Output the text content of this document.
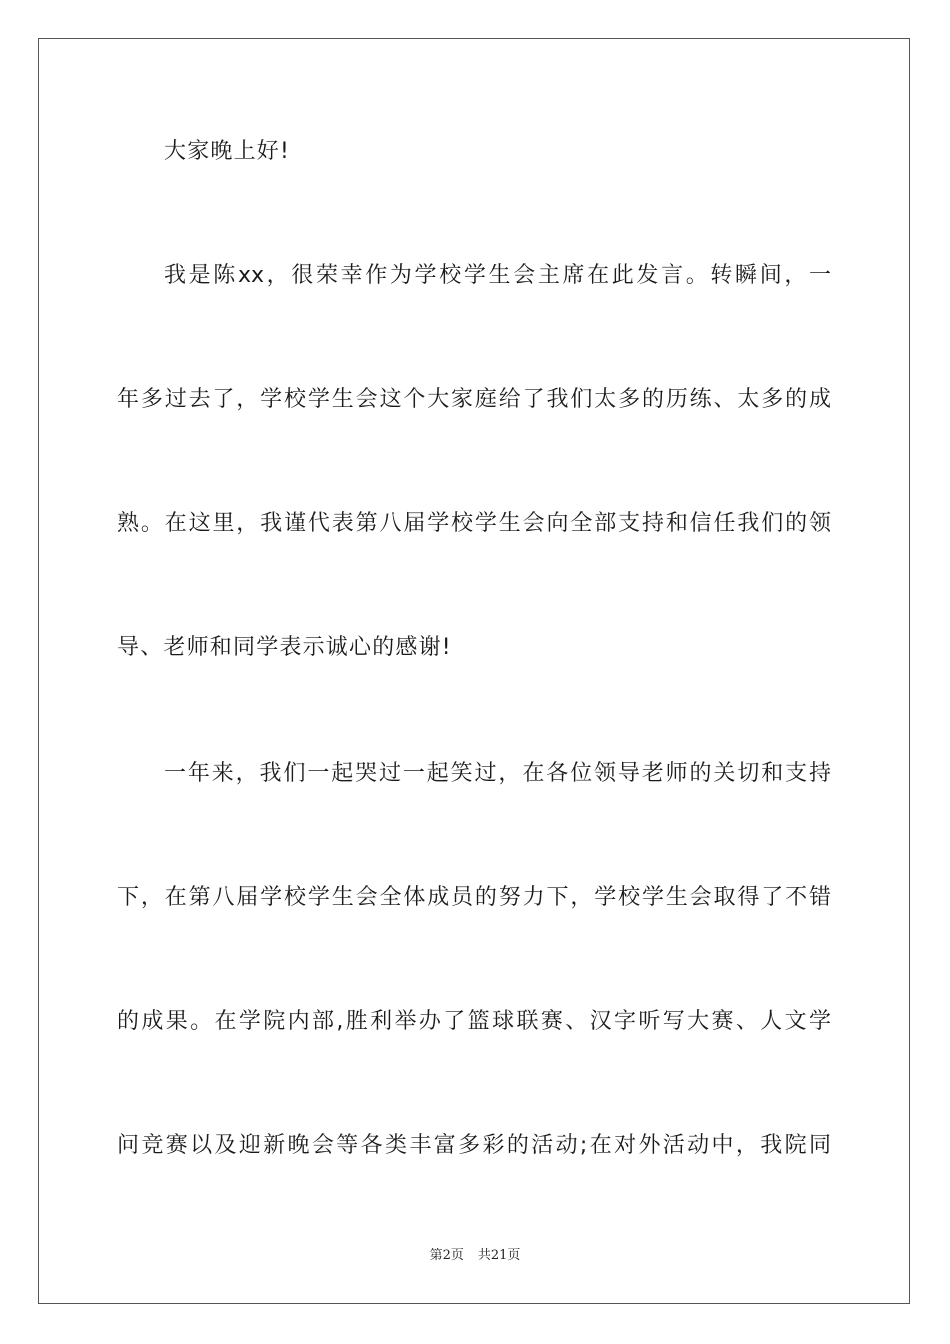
大家晚上好!
我是陈xx，很荣幸作为学校学生会主席在此发言。转瞬间，一
年多过去了，学校学生会这个大家庭给了我们太多的历练、太多的成
熟。在这里，我谨代表第八届学校学生会向全部支持和信任我们的领
导、老师和同学表示诚心的感谢!
一年来，我们一起哭过一起笑过，在各位领导老师的关切和支持
下，在第八届学校学生会全体成员的努力下，学校学生会取得了不错
的成果。在学院内部,胜利举办了篮球联赛、汉字听写大赛、人文学
问竞赛以及迎新晚会等各类丰富多彩的活动;在对外活动中，我院同
第2页 共21页
